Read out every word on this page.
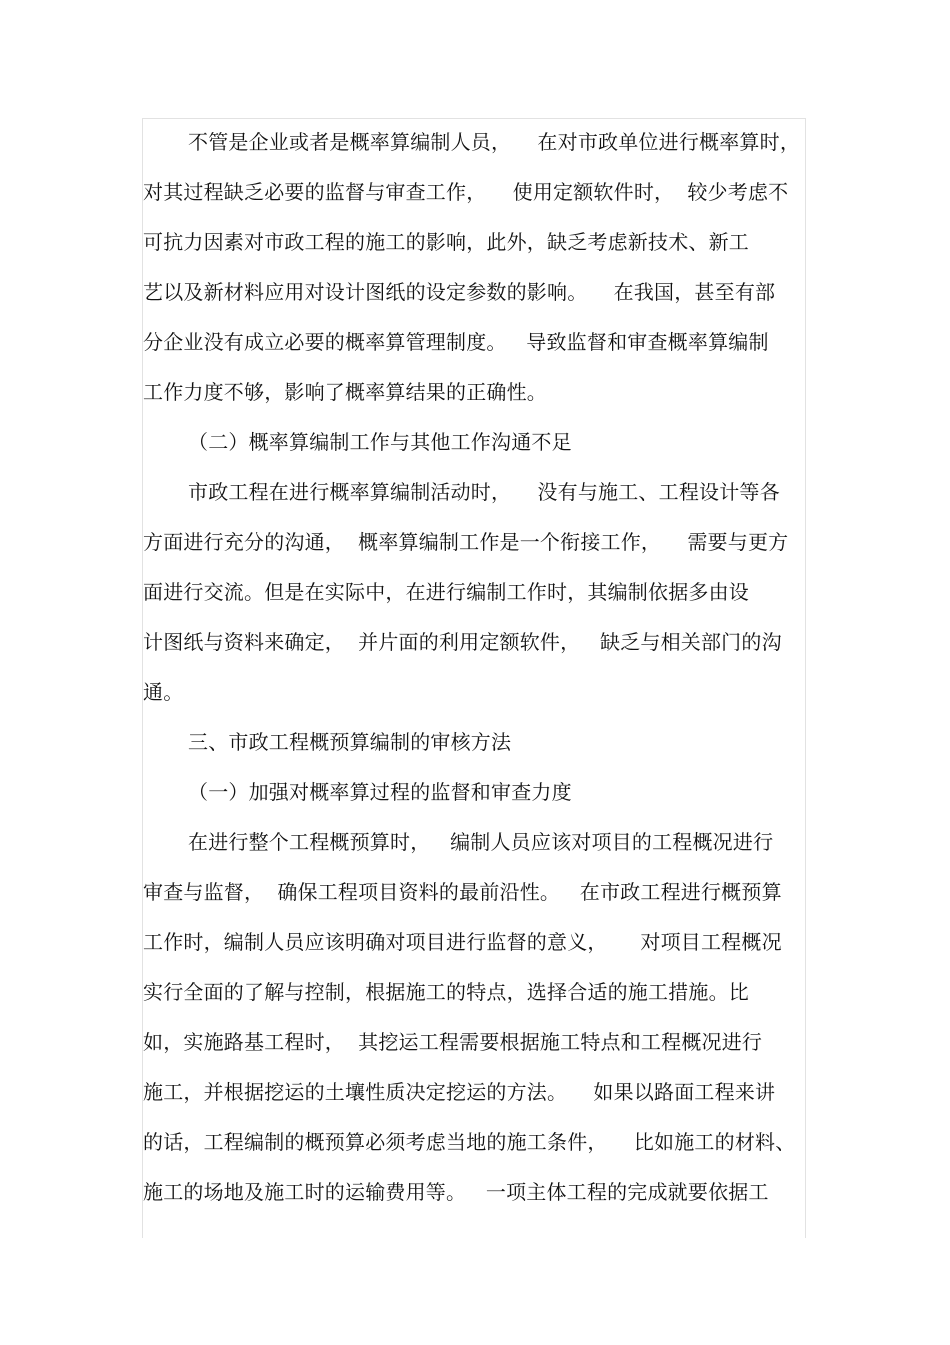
不管是企业或者是概率算编制人员，    在对市政单位进行概率算时，
对其过程缺乏必要的监督与审查工作，    使用定额软件时，  较少考虑不
可抗力因素对市政工程的施工的影响，此外，缺乏考虑新技术、新工
艺以及新材料应用对设计图纸的设定参数的影响。    在我国，甚至有部
分企业没有成立必要的概率算管理制度。   导致监督和审查概率算编制
工作力度不够，影响了概率算结果的正确性。
（二）概率算编制工作与其他工作沟通不足
市政工程在进行概率算编制活动时，    没有与施工、工程设计等各
方面进行充分的沟通，  概率算编制工作是一个衔接工作，    需要与更方
面进行交流。但是在实际中，在进行编制工作时，其编制依据多由设
计图纸与资料来确定，  并片面的利用定额软件，   缺乏与相关部门的沟
通。
三、市政工程概预算编制的审核方法
（一）加强对概率算过程的监督和审查力度
在进行整个工程概预算时，   编制人员应该对项目的工程概况进行
审查与监督，  确保工程项目资料的最前沿性。   在市政工程进行概预算
工作时，编制人员应该明确对项目进行监督的意义，     对项目工程概况
实行全面的了解与控制，根据施工的特点，选择合适的施工措施。比
如，实施路基工程时，  其挖运工程需要根据施工特点和工程概况进行
施工，并根据挖运的土壤性质决定挖运的方法。    如果以路面工程来讲
的话，工程编制的概预算必须考虑当地的施工条件，    比如施工的材料、
施工的场地及施工时的运输费用等。   一项主体工程的完成就要依据工
